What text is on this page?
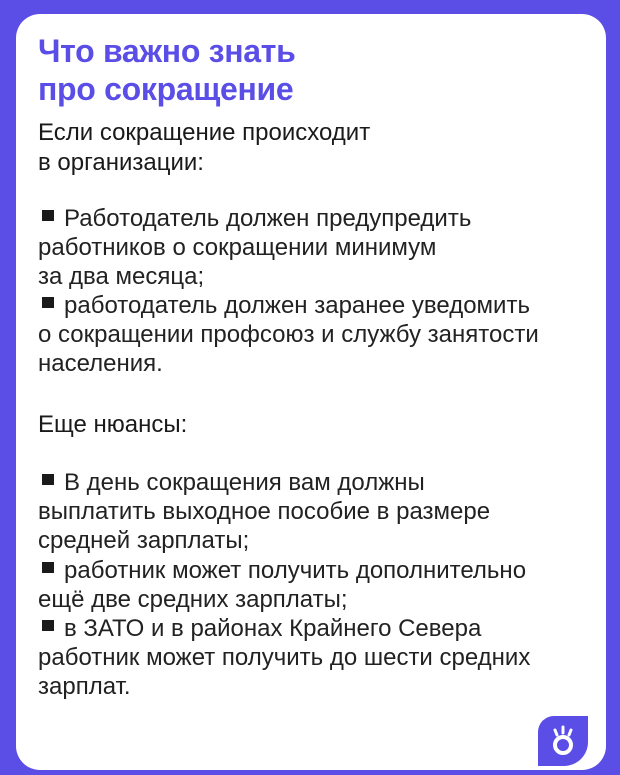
Что важно знать
про сокращение

Если сокращение происходит
в организации:

Работодатель должен предупредить
работников о сокращении минимум
за два месяца;

работодатель должен заранее уведомить
о сокращении профсоюз и службу занятости
населения.

Еще нюансы:

В день сокращения вам должны
выплатить выходное пособие в размере
средней зарплаты;

работник может получить дополнительно
ещё две средних зарплаты;

в ЗАТО и в районах Крайнего Севера
работник может получить до шести средних
зарплат.
